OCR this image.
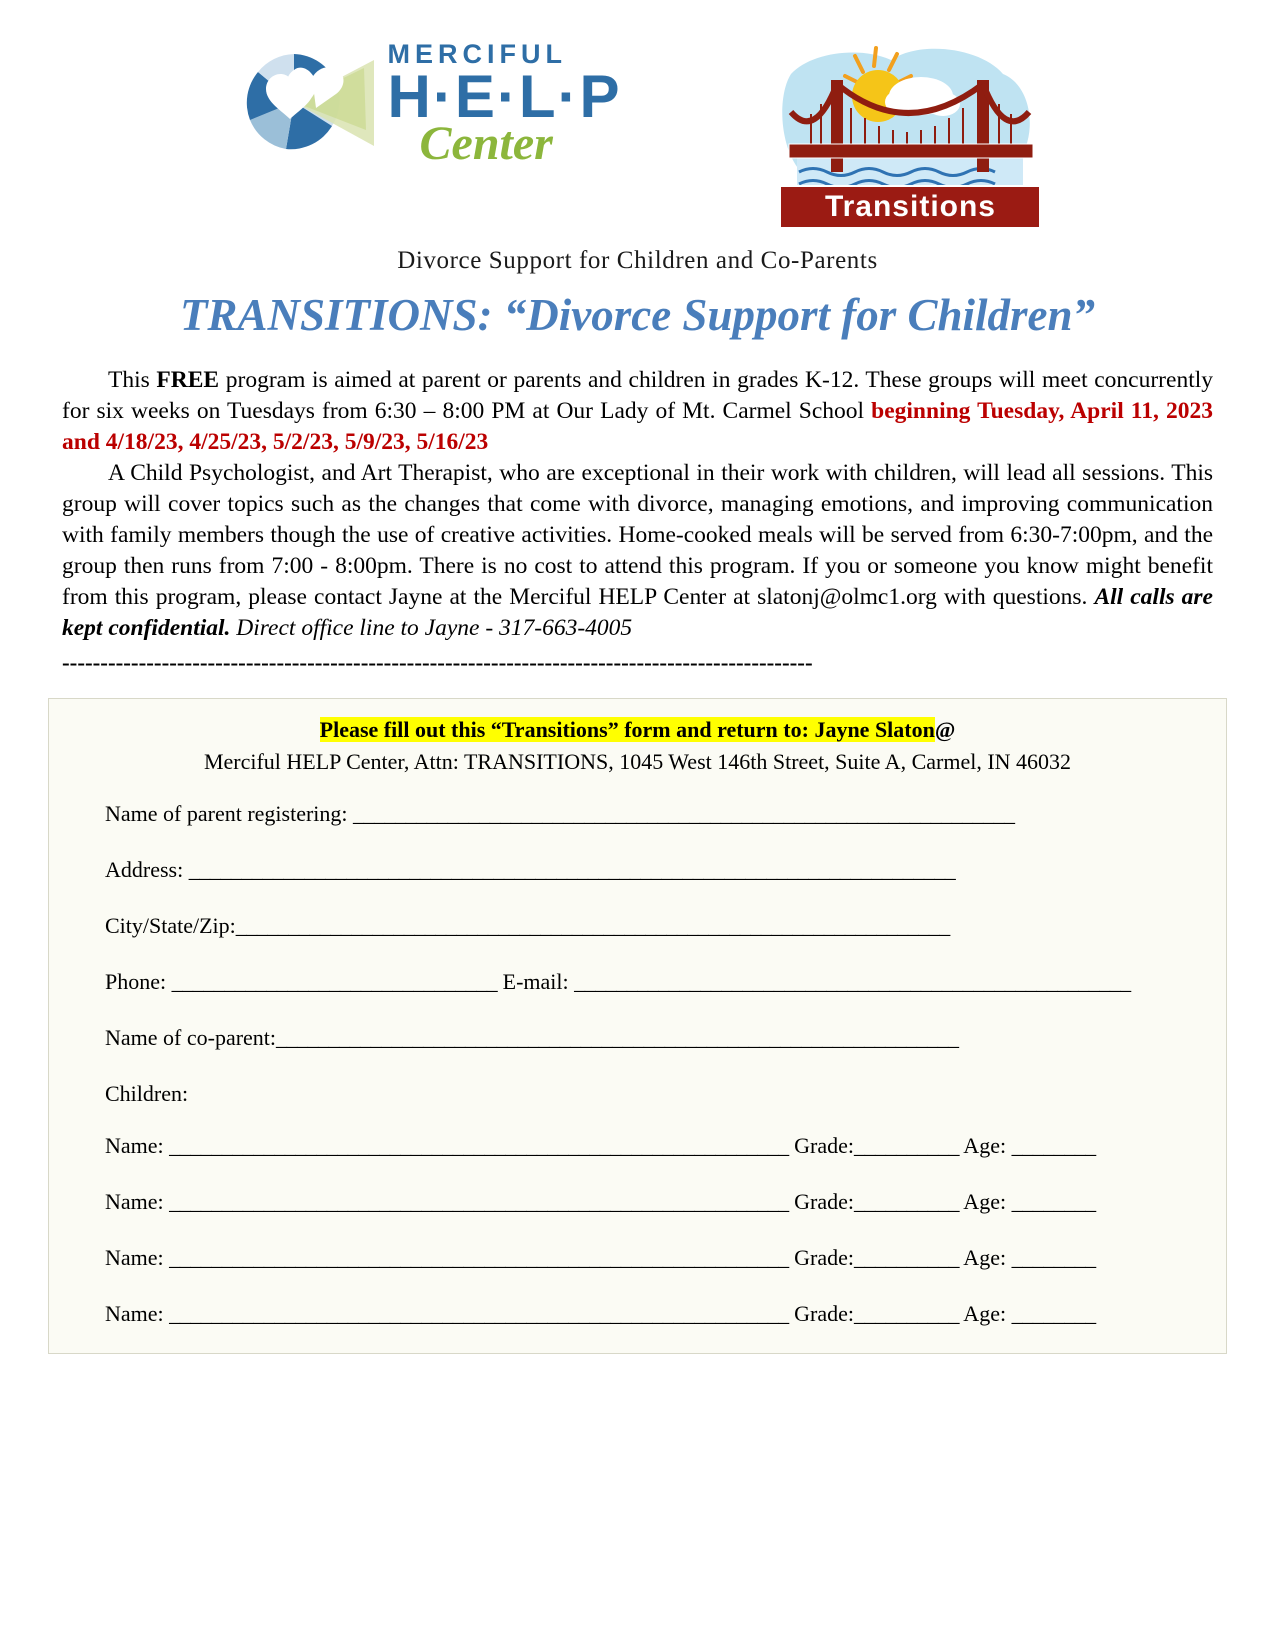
MERCIFUL
H·E·L·P
Center
Transitions
Divorce Support for Children and Co-Parents
TRANSITIONS: “Divorce Support for Children”

This FREE program is aimed at parent or parents and children in grades K-12. These groups will meet concurrently for six weeks on Tuesdays from 6:30 – 8:00 PM at Our Lady of Mt. Carmel School beginning Tuesday, April 11, 2023 and 4/18/23, 4/25/23, 5/2/23, 5/9/23, 5/16/23

A Child Psychologist, and Art Therapist, who are exceptional in their work with children, will lead all sessions. This group will cover topics such as the changes that come with divorce, managing emotions, and improving communication with family members though the use of creative activities. Home-cooked meals will be served from 6:30-7:00pm, and the group then runs from 7:00 - 8:00pm. There is no cost to attend this program. If you or someone you know might benefit from this program, please contact Jayne at the Merciful HELP Center at slatonj@olmc1.org with questions. All calls are kept confidential. Direct office line to Jayne - 317-663-4005

--------------------------------------------------------------------------------------------------
Please fill out this “Transitions” form and return to: Jayne Slaton@
Merciful HELP Center, Attn: TRANSITIONS, 1045 West 146th Street, Suite A, Carmel, IN 46032
Name of parent registering: _______________________________________________________________
Address: _________________________________________________________________________
City/State/Zip:____________________________________________________________________
Phone: _______________________________ E-mail: _____________________________________________________
Name of co-parent:_________________________________________________________________
Children:
Name: ___________________________________________________________ Grade:__________ Age: ________
Name: ___________________________________________________________ Grade:__________ Age: ________
Name: ___________________________________________________________ Grade:__________ Age: ________
Name: ___________________________________________________________ Grade:__________ Age: ________
